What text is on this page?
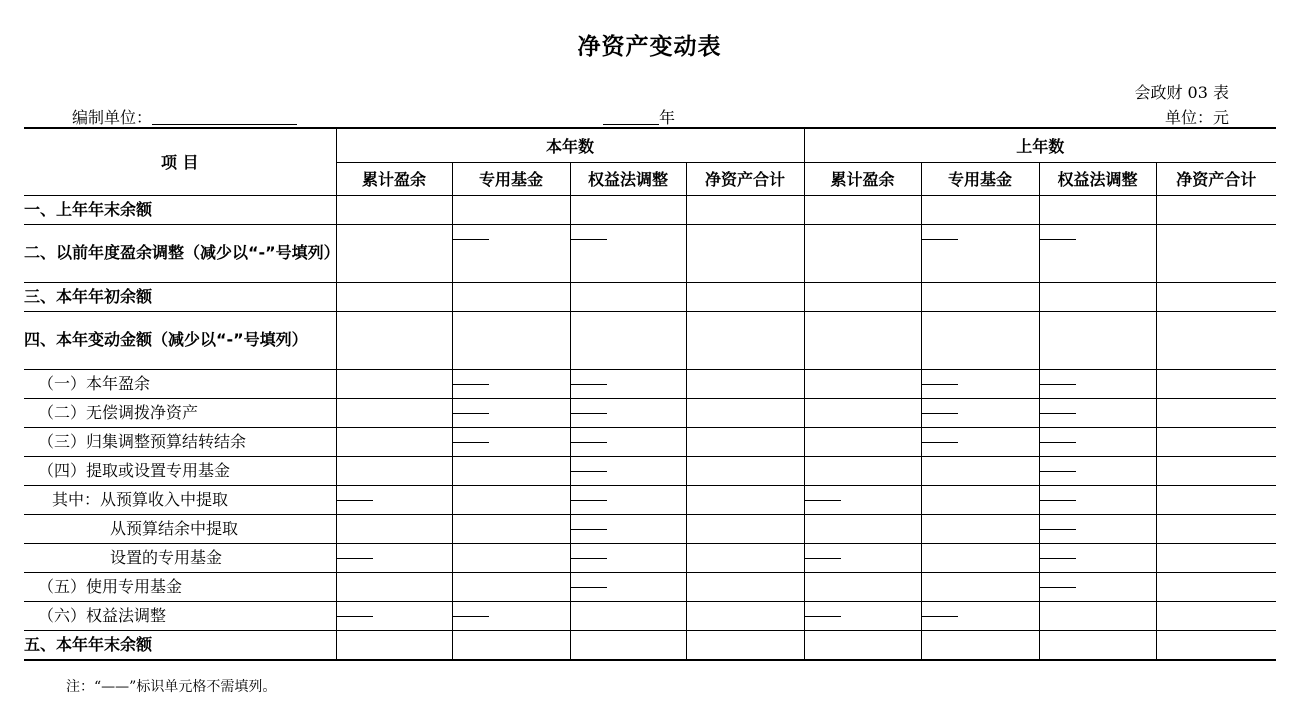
净资产变动表
会政财 03 表
编制单位：	年	单位：元
项 目	本年数				上年数			
	累计盈余	专用基金	权益法调整	净资产合计	累计盈余	专用基金	权益法调整	净资产合计
一、上年年末余额								
二、以前年度盈余调整（减少以“-”号填列）								
三、本年年初余额								
四、本年变动金额（减少以“-”号填列）								
（一）本年盈余								
（二）无偿调拨净资产								
（三）归集调整预算结转结余								
（四）提取或设置专用基金								
其中：从预算收入中提取								
从预算结余中提取								
设置的专用基金								
（五）使用专用基金								
（六）权益法调整								
五、本年年末余额								
注：“——”标识单元格不需填列。
